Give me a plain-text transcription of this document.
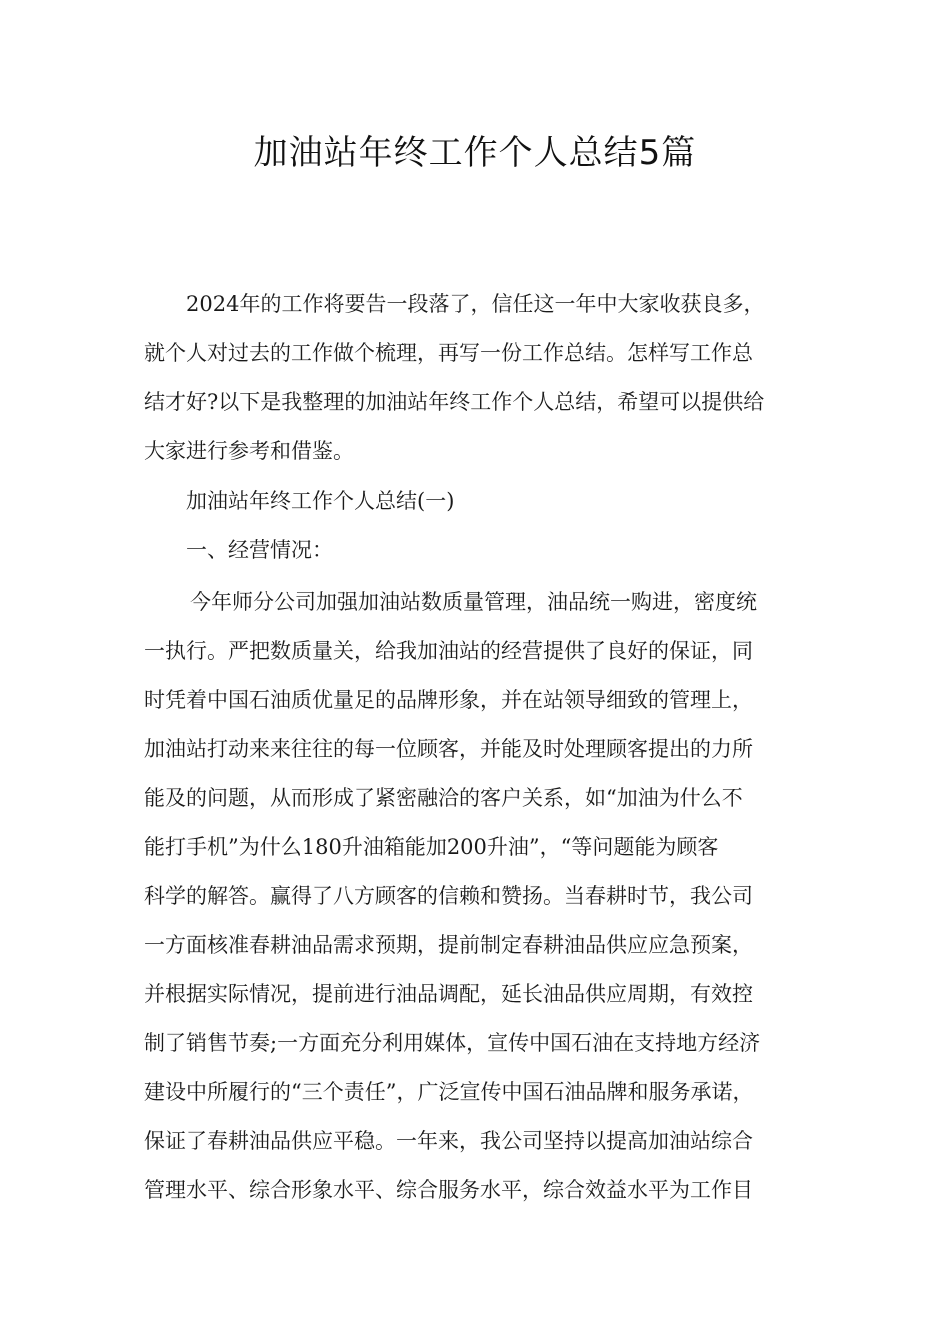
加油站年终工作个人总结5篇
2024年的工作将要告一段落了，信任这一年中大家收获良多，
就个人对过去的工作做个梳理，再写一份工作总结。怎样写工作总
结才好?以下是我整理的加油站年终工作个人总结，希望可以提供给
大家进行参考和借鉴。

加油站年终工作个人总结(一)

一、经营情况：

今年师分公司加强加油站数质量管理，油品统一购进，密度统
一执行。严把数质量关，给我加油站的经营提供了良好的保证，同
时凭着中国石油质优量足的品牌形象，并在站领导细致的管理上，
加油站打动来来往往的每一位顾客，并能及时处理顾客提出的力所
能及的问题，从而形成了紧密融洽的客户关系，如“加油为什么不
能打手机”为什么180升油箱能加200升油”，“等问题能为顾客
科学的解答。赢得了八方顾客的信赖和赞扬。当春耕时节，我公司
一方面核准春耕油品需求预期，提前制定春耕油品供应应急预案，
并根据实际情况，提前进行油品调配，延长油品供应周期，有效控
制了销售节奏;一方面充分利用媒体，宣传中国石油在支持地方经济
建设中所履行的“三个责任”，广泛宣传中国石油品牌和服务承诺，
保证了春耕油品供应平稳。一年来，我公司坚持以提高加油站综合
管理水平、综合形象水平、综合服务水平，综合效益水平为工作目
